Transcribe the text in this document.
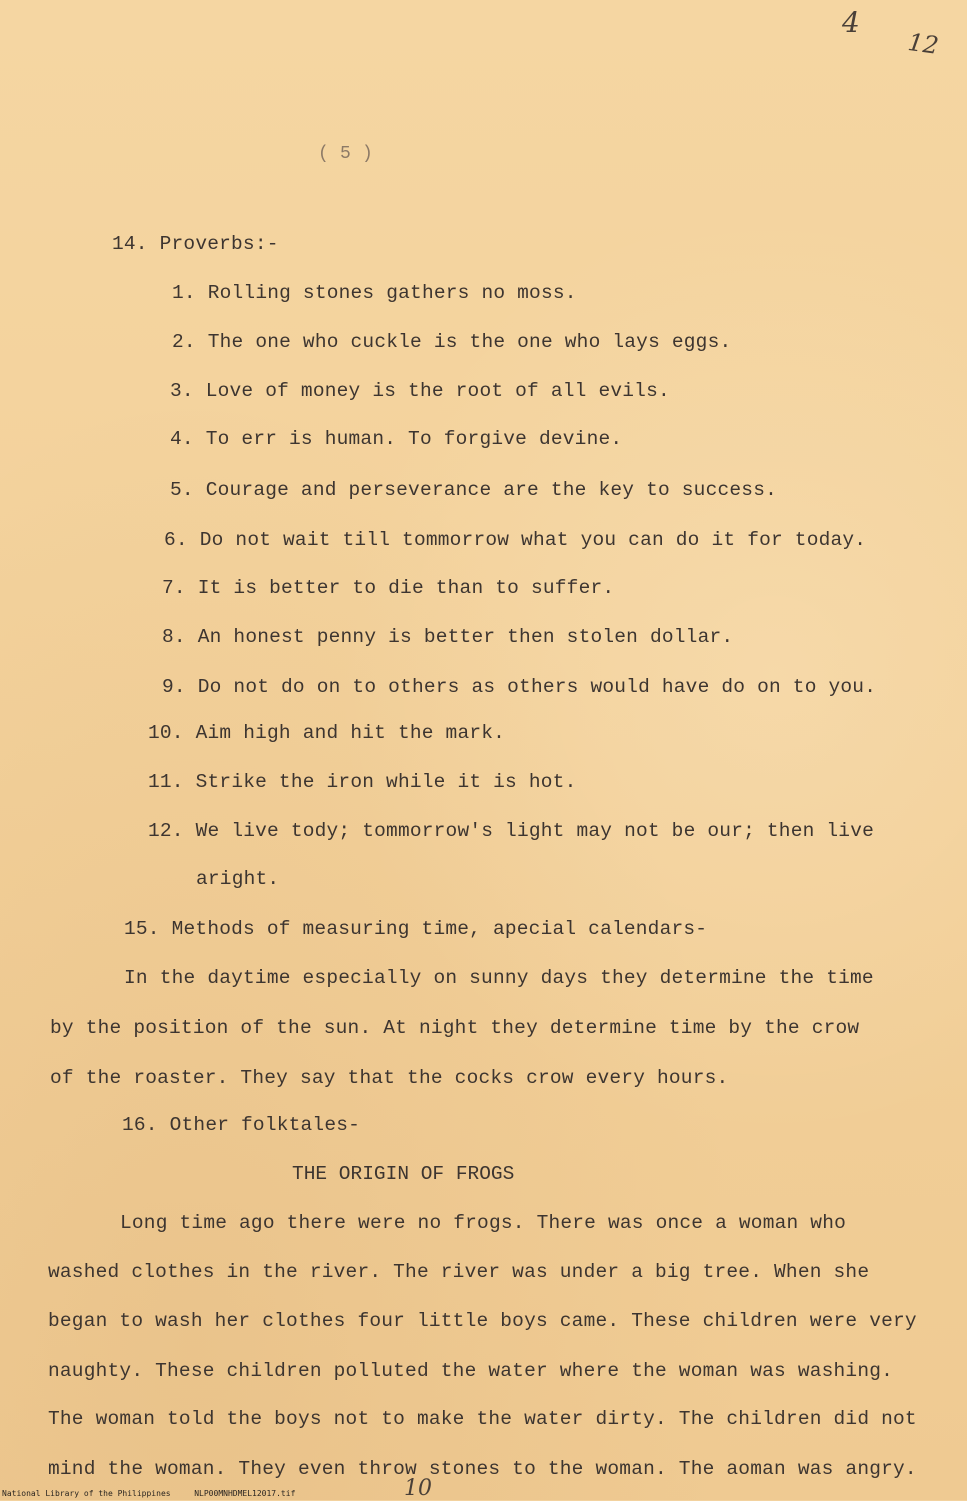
4
12
( 5 )
14. Proverbs:-
1. Rolling stones gathers no moss.
2. The one who cuckle is the one who lays eggs.
3. Love of money is the root of all evils.
4. To err is human. To forgive devine.
5. Courage and perseverance are the key to success.
6. Do not wait till tommorrow what you can do it for today.
7. It is better to die than to suffer.
8. An honest penny is better then stolen dollar.
9. Do not do on to others as others would have do on to you.
10. Aim high and hit the mark.
11. Strike the iron while it is hot.
12. We live tody; tommorrow's light may not be our; then live
aright.
15. Methods of measuring time, apecial calendars-
In the daytime especially on sunny days they determine the time
by the position of the sun. At night they determine time by the crow
of the roaster. They say that the cocks crow every hours.
16. Other folktales-
THE ORIGIN OF FROGS
Long time ago there were no frogs. There was once a woman who
washed clothes in the river. The river was under a big tree. When she
began to wash her clothes four little boys came. These children were very
naughty. These children polluted the water where the woman was washing.
The woman told the boys not to make the water dirty. The children did not
mind the woman. They even throw stones to the woman. The aoman was angry.
10
National Library of the Philippines	NLP00MNHDMEL12017.tif
